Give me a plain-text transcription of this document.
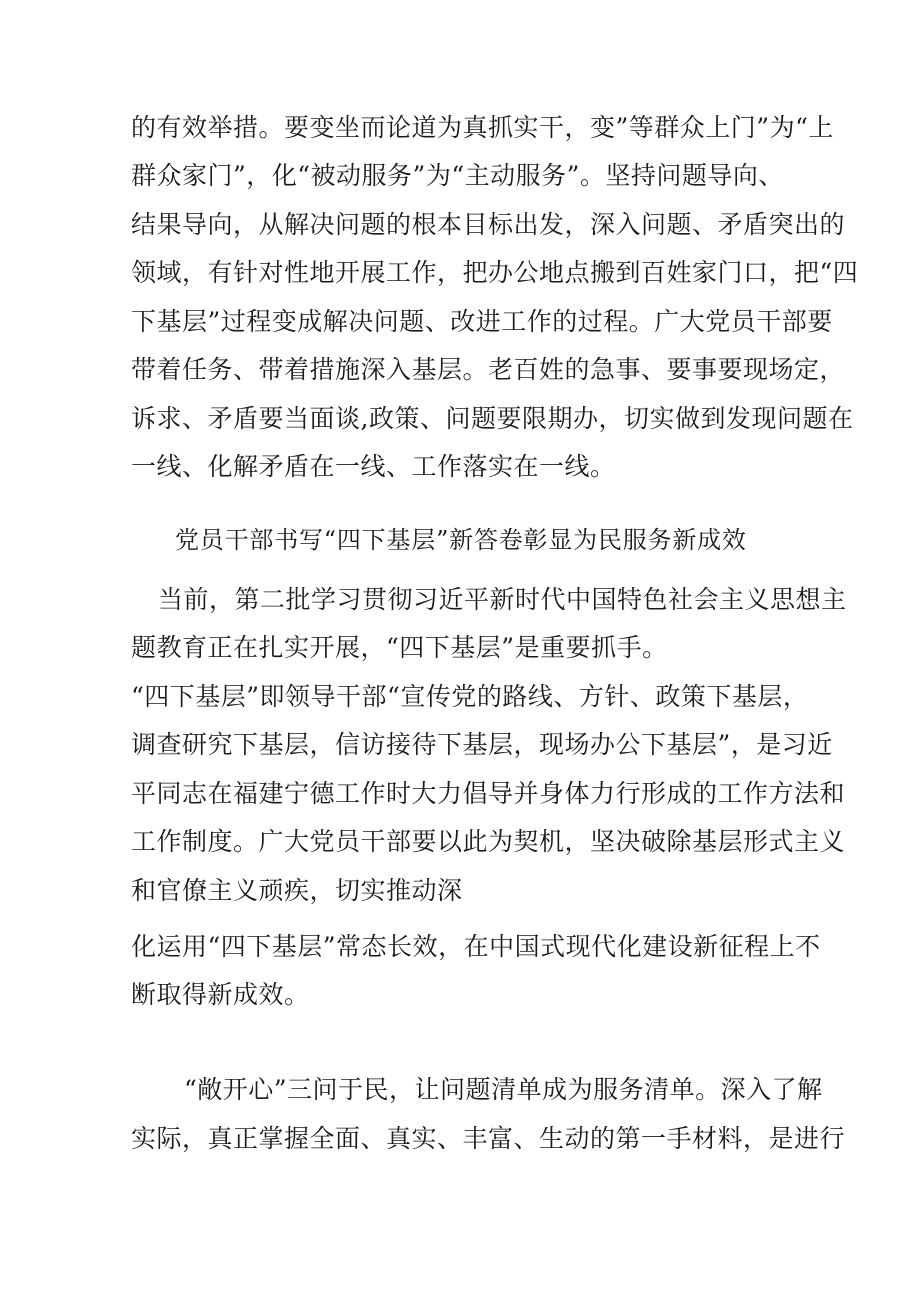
的有效举措。要变坐而论道为真抓实干，变”等群众上门”为“上
群众家门”，化“被动服务”为“主动服务”。坚持问题导向、
结果导向，从解决问题的根本目标出发，深入问题、矛盾突出的
领域，有针对性地开展工作，把办公地点搬到百姓家门口，把“四
下基层”过程变成解决问题、改进工作的过程。广大党员干部要
带着任务、带着措施深入基层。老百姓的急事、要事要现场定，
诉求、矛盾要当面谈,政策、问题要限期办，切实做到发现问题在
一线、化解矛盾在一线、工作落实在一线。
党员干部书写“四下基层”新答卷彰显为民服务新成效
当前，第二批学习贯彻习近平新时代中国特色社会主义思想主
题教育正在扎实开展，“四下基层”是重要抓手。
“四下基层”即领导干部“宣传党的路线、方针、政策下基层，
调查研究下基层，信访接待下基层，现场办公下基层”，是习近
平同志在福建宁德工作时大力倡导并身体力行形成的工作方法和
工作制度。广大党员干部要以此为契机，坚决破除基层形式主义
和官僚主义顽疾，切实推动深
化运用“四下基层”常态长效，在中国式现代化建设新征程上不
断取得新成效。
“敞开心”三问于民，让问题清单成为服务清单。深入了解
实际，真正掌握全面、真实、丰富、生动的第一手材料，是进行
